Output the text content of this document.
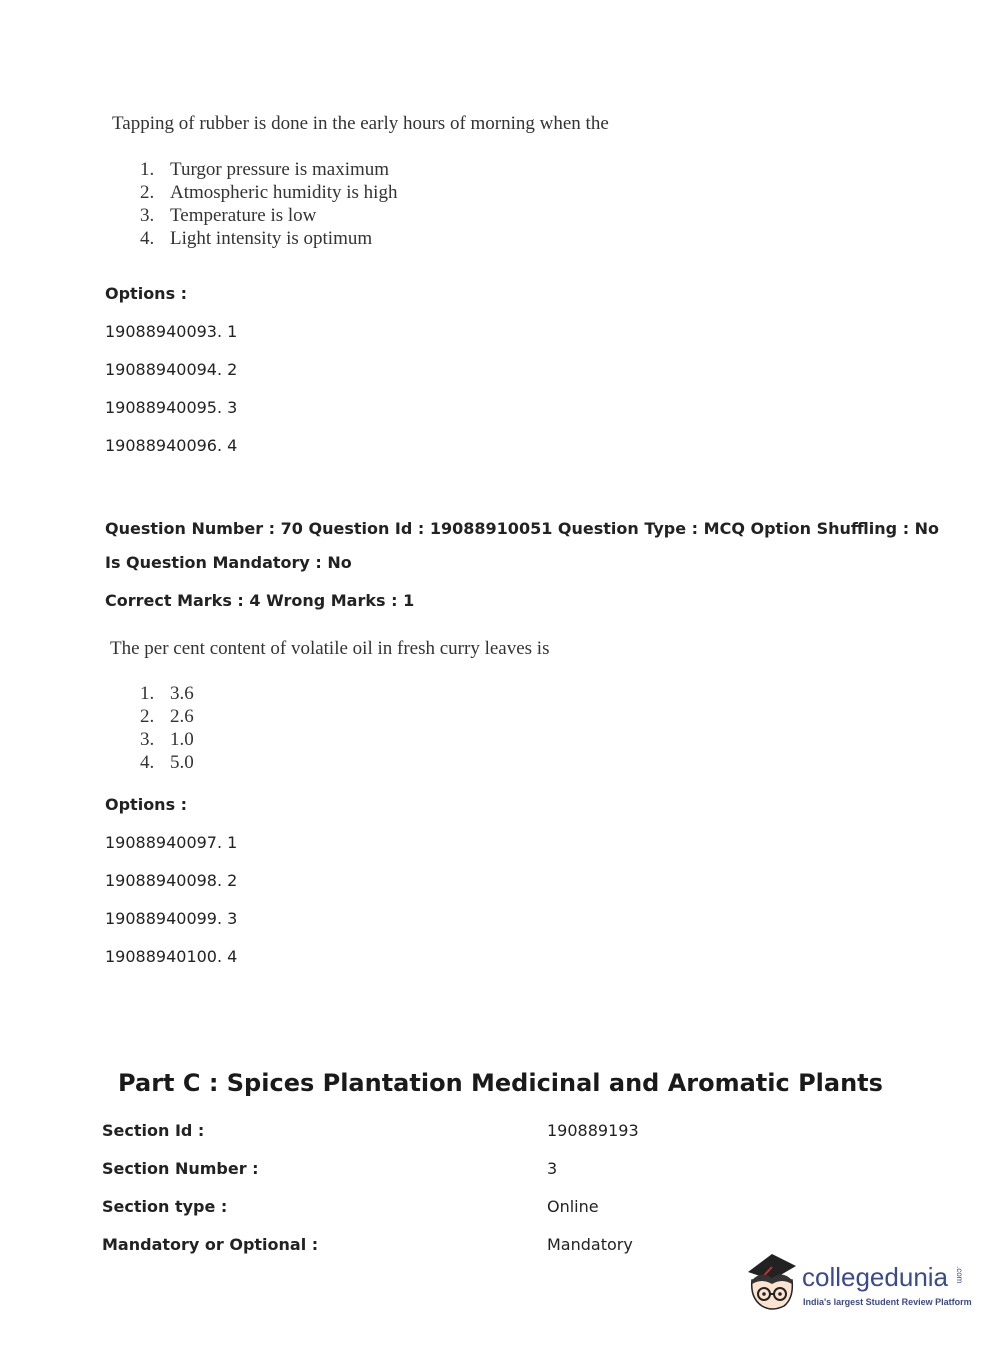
Tapping of rubber is done in the early hours of morning when the
1. Turgor pressure is maximum
2. Atmospheric humidity is high
3. Temperature is low
4. Light intensity is optimum
Options :
19088940093. 1
19088940094. 2
19088940095. 3
19088940096. 4
Question Number : 70 Question Id : 19088910051 Question Type : MCQ Option Shuffling : No
Is Question Mandatory : No
Correct Marks : 4 Wrong Marks : 1
The per cent content of volatile oil in fresh curry leaves is
1. 3.6
2. 2.6
3. 1.0
4. 5.0
Options :
19088940097. 1
19088940098. 2
19088940099. 3
19088940100. 4
Part C : Spices Plantation Medicinal and Aromatic Plants
Section Id :	190889193
Section Number :	3
Section type :	Online
Mandatory or Optional :	Mandatory
collegedunia .com
India's largest Student Review Platform
